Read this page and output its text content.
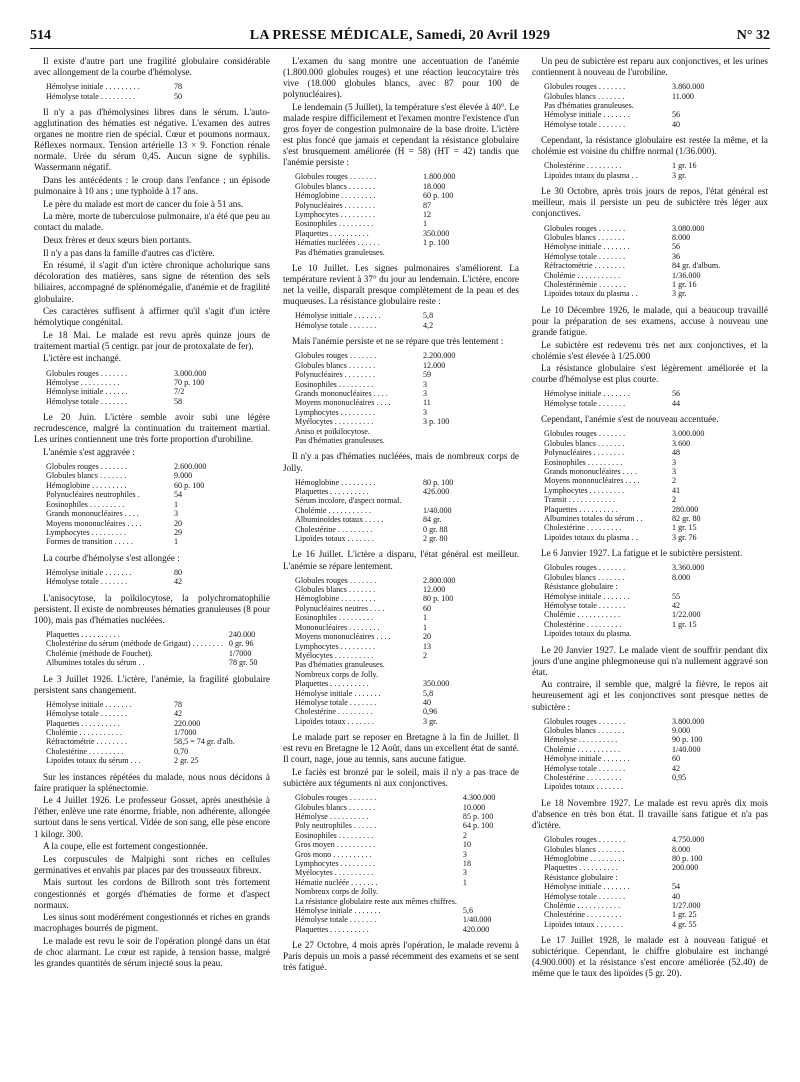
514	LA PRESSE MÉDICALE, Samedi, 20 Avril 1929	N° 32

Il existe d'autre part une fragilité globulaire considérable avec allongement de la courbe d'hémolyse.

Hémolyse initiale . . . . . . . . .	78
Hémolyse totale . . . . . . . . .	50

Il n'y a pas d'hémolysines libres dans le sérum. L'auto-agglutination des hématies est négative. L'examen des autres organes ne montre rien de spécial. Cœur et poumons normaux. Réflexes normaux. Tension artérielle 13 × 9. Fonction rénale normale. Urée du sérum 0,45. Aucun signe de syphilis. Wassermann négatif.

Dans les antécédents : le croup dans l'enfance ; un épisode pulmonaire à 10 ans ; une typhoïde à 17 ans.

Le père du malade est mort de cancer du foie à 51 ans.

La mère, morte de tuberculose pulmonaire, n'a été que peu au contact du malade.

Deux frères et deux sœurs bien portants.

Il n'y a pas dans la famille d'autres cas d'ictère.

En résumé, il s'agit d'un ictère chronique acholurique sans décoloration des matières, sans signe de rétention des sels biliaires, accompagné de splénomégalie, d'anémie et de fragilité globulaire.

Ces caractères suffisent à affirmer qu'il s'agit d'un ictère hémolytique congénital.

Le 18 Mai. Le malade est revu après quinze jours de traitement martial (5 centigr. par jour de protoxalate de fer).

L'ictère est inchangé.

Globules rouges . . . . . . .	3.000.000
Hémolyse . . . . . . . . . .	70 p. 100
Hémolyse initiale . . . . . .	7/2
Hémolyse totale . . . . . . .	58

Le 20 Juin. L'ictère semble avoir subi une légère recrudescence, malgré la continuation du traitement martial. Les urines contiennent une très forte proportion d'urobiline.

L'anémie s'est aggravée :

Globules rouges . . . . . . .	2.600.000
Globules blancs . . . . . . .	9.000
Hémoglobine . . . . . . . . .	60 p. 100
Polynucléaires neutrophiles .	54
Eosinophiles . . . . . . . . .	1
Grands mononucléaires . . . .	3
Moyens mononucléaires . . . .	20
Lymphocytes . . . . . . . . .	29
Formes de transition . . . . .	1

La courbe d'hémolyse s'est allongée :

Hémolyse initiale . . . . . . .	80
Hémolyse totale . . . . . . .	42

L'anisocytose, la poïkilocytose, la polychromatophilie persistent. Il existe de nombreuses hématies granuleuses (8 pour 100), mais pas d'hématies nucléées.

Plaquettes . . . . . . . . . .	240.000
Cholestérine du sérum (méthode de Grigaut) . . . . . . . .	0 gr. 96
Cholémie (méthode de Fouchet).	1/7000
Albumines totales du sérum . .	78 gr. 50

Le 3 Juillet 1926. L'ictère, l'anémie, la fragilité globulaire persistent sans changement.

Hémolyse initiale . . . . . . .	78
Hémolyse totale . . . . . . .	42
Plaquettes . . . . . . . . . .	220.000
Cholémie . . . . . . . . . . .	1/7000
Réfractométrie . . . . . . . .	58,5 = 74 gr. d'alb.
Cholestérine . . . . . . . . .	0,70
Lipoïdes totaux du sérum . . .	2 gr. 25

Sur les instances répétées du malade, nous nous décidons à faire pratiquer la splénectomie.

Le 4 Juillet 1926. Le professeur Gosset, après anesthésie à l'éther, enlève une rate énorme, friable, non adhérente, allongée surtout dans le sens vertical. Vidée de son sang, elle pèse encore 1 kilogr. 300.

A la coupe, elle est fortement congestionnée.

Les corpuscules de Malpighi sont riches en cellules germinatives et envahis par places par des trousseaux fibreux.

Mais surtout les cordons de Billroth sont très fortement congestionnés et gorgés d'hématies de forme et d'aspect normaux.

Les sinus sont modérément congestionnés et riches en grands macrophages bourrés de pigment.

Le malade est revu le soir de l'opération plongé dans un état de choc alarmant. Le cœur est rapide, à tension basse, malgré les grandes quantités de sérum injecté sous la peau.

L'examen du sang montre une accentuation de l'anémie (1.800.000 globules rouges) et une réaction leucocytaire très vive (18.000 globules blancs, avec 87 pour 100 de polynucléaires).

Le lendemain (5 Juillet), la température s'est élevée à 40°. Le malade respire difficilement et l'examen montre l'existence d'un gros foyer de congestion pulmonaire de la base droite. L'ictère est plus foncé que jamais et cependant la résistance globulaire s'est brusquement améliorée (H = 58) (HT = 42) tandis que l'anémie persiste :

Globules rouges . . . . . . .	1.800.000
Globules blancs . . . . . . .	18.000
Hémoglobine . . . . . . . . .	60 p. 100
Polynucléaires . . . . . . . .	87
Lymphocytes . . . . . . . . .	12
Eosinophiles . . . . . . . . .	1
Plaquettes . . . . . . . . . .	350.000
Hématies nucléées . . . . . .	1 p. 100
Pas d'hématies granuleuses.	

Le 10 Juillet. Les signes pulmonaires s'améliorent. La température revient à 37° du jour au lendemain. L'ictère, encore net la veille, disparaît presque complètement de la peau et des muqueuses. La résistance globulaire reste :

Hémolyse initiale . . . . . . .	5,8
Hémolyse totale . . . . . . .	4,2

Mais l'anémie persiste et ne se répare que très lentement :

Globules rouges . . . . . . .	2.200.000
Globules blancs . . . . . . .	12.000
Polynucléaires . . . . . . . .	59
Eosinophiles . . . . . . . . .	3
Grands mononucléaires . . . .	3
Moyens mononucléaires . . . .	11
Lymphocytes . . . . . . . . .	3
Myélocytes . . . . . . . . . .	3 p. 100
Aniso et poïkilocytose.	
Pas d'hématies granuleuses.	

Il n'y a pas d'hématies nucléées, mais de nombreux corps de Jolly.

Hémoglobine . . . . . . . . .	80 p. 100
Plaquettes . . . . . . . . . .	426.000
Sérum incolore, d'aspect normal.	
Cholémie . . . . . . . . . . .	1/40.000
Albuminoïdes totaux . . . . .	84 gr.
Cholestérine . . . . . . . . .	0 gr. 88
Lipoïdes totaux . . . . . . .	2 gr. 80

Le 16 Juillet. L'ictère a disparu, l'état général est meilleur. L'anémie se répare lentement.

Globules rouges . . . . . . .	2.800.000
Globules blancs . . . . . . .	12.000
Hémoglobine . . . . . . . . .	80 p. 100
Polynucléaires neutres . . . .	60
Eosinophiles . . . . . . . . .	1
Mononucléaires . . . . . . . .	1
Moyens mononucléaires . . . .	20
Lymphocytes . . . . . . . . .	13
Myélocytes . . . . . . . . . .	2
Pas d'hématies granuleuses.	
Nombreux corps de Jolly.	
Plaquettes . . . . . . . . . .	350.000
Hémolyse initiale . . . . . . .	5,8
Hémolyse totale . . . . . . .	40
Cholestérine . . . . . . . . .	0,96
Lipoïdes totaux . . . . . . .	3 gr.

Le malade part se reposer en Bretagne à la fin de Juillet. Il est revu en Bretagne le 12 Août, dans un excellent état de santé. Il court, nage, joue au tennis, sans aucune fatigue.

Le faciès est bronzé par le soleil, mais il n'y a pas trace de subictère aux téguments ni aux conjonctives.

Globules rouges . . . . . . .	4.300.000
Globules blancs . . . . . . .	10.000
Hémolyse . . . . . . . . . .	85 p. 100
Poly neutrophiles . . . . . .	64 p. 100
Eosinophiles . . . . . . . . .	2
Gros moyen . . . . . . . . . .	10
Gros mono . . . . . . . . . .	3
Lymphocytes . . . . . . . . .	18
Myélocytes . . . . . . . . . .	3
Hématie nucléée . . . . . . .	1
Nombreux corps de Jolly.	
La résistance globulaire reste aux mêmes chiffres.	
Hémolyse initiale . . . . . . .	5,6
Hémolyse totale . . . . . . .	1/40.000
Plaquettes . . . . . . . . . .	420.000

Le 27 Octobre, 4 mois après l'opération, le malade revenu à Paris depuis un mois a passé récemment des examens et se sent très fatigué.

Un peu de subictère est reparu aux conjonctives, et les urines contiennent à nouveau de l'urobiline.

Globules rouges . . . . . . .	3.860.000
Globules blancs . . . . . . .	11.000
Pas d'hématies granuleuses.	
Hémolyse initiale . . . . . . .	56
Hémolyse totale . . . . . . .	40

Cependant, la résistance globulaire est restée la même, et la cholémie est voisine du chiffre normal (1/36.000).

Cholestérine . . . . . . . . .	1 gr. 16
Lipoïdes totaux du plasma . .	3 gr.

Le 30 Octobre, après trois jours de repos, l'état général est meilleur, mais il persiste un peu de subictère très léger aux conjonctives.

Globules rouges . . . . . . .	3.080.000
Globules blancs . . . . . . .	8.000
Hémolyse initiale . . . . . . .	56
Hémolyse totale . . . . . . .	36
Réfractométrie . . . . . . . .	84 gr. d'album.
Cholémie . . . . . . . . . . .	1/36.000
Cholestérinémie . . . . . . .	1 gr. 16
Lipoïdes totaux du plasma . .	3 gr.

Le 10 Décembre 1926, le malade, qui a beaucoup travaillé pour la préparation de ses examens, accuse à nouveau une grande fatigue.

Le subictère est redevenu très net aux conjonctives, et la cholémie s'est élevée à 1/25.000

La résistance globulaire s'est légèrement améliorée et la courbe d'hémolyse est plus courte.

Hémolyse initiale . . . . . . .	56
Hémolyse totale . . . . . . .	44

Cependant, l'anémie s'est de nouveau accentuée.

Globules rouges . . . . . . .	3.000.000
Globules blancs . . . . . . .	3.600
Polynucléaires . . . . . . . .	48
Eosinophiles . . . . . . . . .	3
Grands mononucléaires . . . .	3
Moyens mononucléaires . . . .	2
Lymphocytes . . . . . . . . .	41
Transit . . . . . . . . . . . .	2
Plaquettes . . . . . . . . . .	280.000
Albumines totales du sérum . .	82 gr. 80
Cholestérine . . . . . . . . .	1 gr. 15
Lipoïdes totaux du plasma . .	3 gr. 76

Le 6 Janvier 1927. La fatigue et le subictère persistent.

Globules rouges . . . . . . .	3.360.000
Globules blancs . . . . . . .	8.000
Résistance globulaire :	
Hémolyse initiale . . . . . . .	55
Hémolyse totale . . . . . . .	42
Cholémie . . . . . . . . . . .	1/22.000
Cholestérine . . . . . . . . .	1 gr. 15
Lipoïdes totaux du plasma.	

Le 20 Janvier 1927. Le malade vient de souffrir pendant dix jours d'une angine phlegmoneuse qui n'a nullement aggravé son état.

Au contraire, il semble que, malgré la fièvre, le repos ait heureusement agi et les conjonctives sont presque nettes de subictère :

Globules rouges . . . . . . .	3.800.000
Globules blancs . . . . . . .	9.000
Hémolyse . . . . . . . . . .	90 p. 100
Cholémie . . . . . . . . . . .	1/40.000
Hémolyse initiale . . . . . . .	60
Hémolyse totale . . . . . . .	42
Cholestérine . . . . . . . . .	0,95
Lipoïdes totaux . . . . . . .	

Le 18 Novembre 1927. Le malade est revu après dix mois d'absence en très bon état. Il travaille sans fatigue et n'a pas d'ictère.

Globules rouges . . . . . . .	4.750.000
Globules blancs . . . . . . .	8.000
Hémoglobine . . . . . . . . .	80 p. 100
Plaquettes . . . . . . . . . .	200.000
Résistance globulaire :	
Hémolyse initiale . . . . . . .	54
Hémolyse totale . . . . . . .	40
Cholémie . . . . . . . . . . .	1/27.000
Cholestérine . . . . . . . . .	1 gr. 25
Lipoïdes totaux . . . . . . .	4 gr. 55

Le 17 Juillet 1928, le malade est à nouveau fatigué et subictérique. Cependant, le chiffre globulaire est inchangé (4.900.000) et la résistance s'est encore améliorée (52.40) de même que le taux des lipoïdes (5 gr. 20).
